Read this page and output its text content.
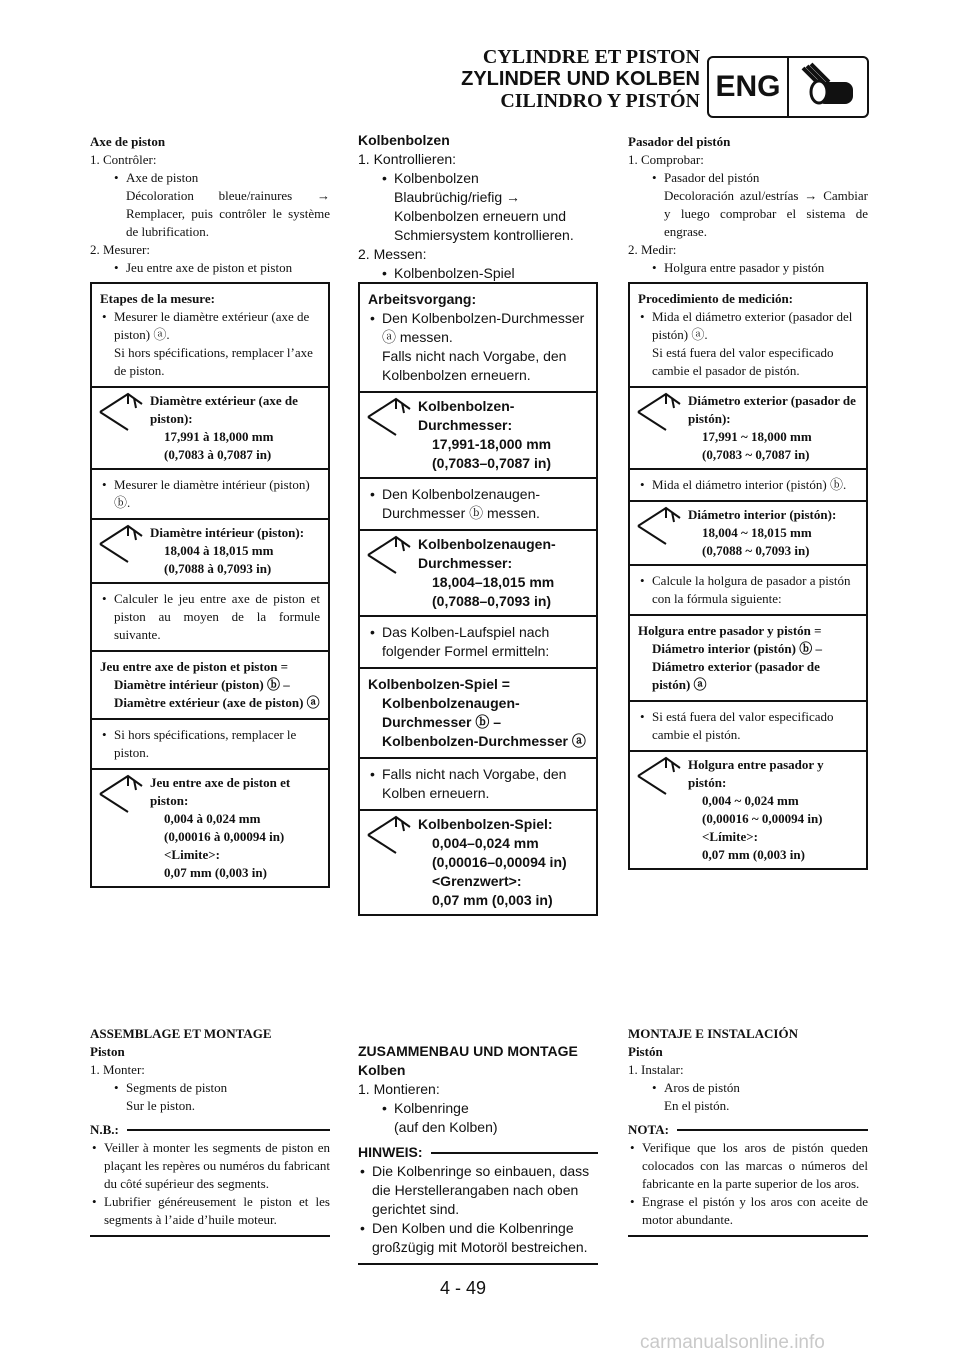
CYLINDRE ET PISTON
ZYLINDER UND KOLBEN
CILINDRO Y PISTÓN ENG
Axe de piston
1. Contrôler:
• Axe de piston
Décoloration bleue/rainures → Remplacer, puis contrôler le système de lubrification.
2. Mesurer:
• Jeu entre axe de piston et piston
Kolbenbolzen
1. Kontrollieren:
• Kolbenbolzen
Blaubrüchig/riefig → Kolbenbolzen erneuern und Schmiersystem kontrollieren.
2. Messen:
• Kolbenbolzen-Spiel
Pasador del pistón
1. Comprobar:
• Pasador del pistón
Decoloración azul/estrías → Cambiar y luego comprobar el sistema de engrase.
2. Medir:
• Holgura entre pasador y pistón
Etapes de la mesure:
• Mesurer le diamètre extérieur (axe de piston) ⓐ.
Si hors spécifications, remplacer l’axe de piston.
Diamètre extérieur (axe de piston):
17,991 à 18,000 mm
(0,7083 à 0,7087 in)
• Mesurer le diamètre intérieur (piston) ⓑ.
Diamètre intérieur (piston):
18,004 à 18,015 mm
(0,7088 à 0,7093 in)
• Calculer le jeu entre axe de piston et piston au moyen de la formule suivante.
Jeu entre axe de piston et piston =
Diamètre intérieur (piston) ⓑ –
Diamètre extérieur (axe de piston) ⓐ
• Si hors spécifications, remplacer le piston.
Jeu entre axe de piston et piston:
0,004 à 0,024 mm
(0,00016 à 0,00094 in)
<Limite>:
0,07 mm (0,003 in)
Arbeitsvorgang:
• Den Kolbenbolzen-Durchmesser ⓐ messen.
Falls nicht nach Vorgabe, den Kolbenbolzen erneuern.
Kolbenbolzen-Durchmesser:
17,991-18,000 mm
(0,7083–0,7087 in)
• Den Kolbenbolzenaugen-Durchmesser ⓑ messen.
Kolbenbolzenaugen-Durchmesser:
18,004–18,015 mm
(0,7088–0,7093 in)
• Das Kolben-Laufspiel nach folgender Formel ermitteln:
Kolbenbolzen-Spiel =
Kolbenbolzenaugen-Durchmesser ⓑ –
Kolbenbolzen-Durchmesser ⓐ
• Falls nicht nach Vorgabe, den Kolben erneuern.
Kolbenbolzen-Spiel:
0,004–0,024 mm
(0,00016–0,00094 in)
<Grenzwert>:
0,07 mm (0,003 in)
Procedimiento de medición:
• Mida el diámetro exterior (pasador del pistón) ⓐ.
Si está fuera del valor especificado cambie el pasador de pistón.
Diámetro exterior (pasador de pistón):
17,991 ~ 18,000 mm
(0,7083 ~ 0,7087 in)
• Mida el diámetro interior (pistón) ⓑ.
Diámetro interior (pistón):
18,004 ~ 18,015 mm
(0,7088 ~ 0,7093 in)
• Calcule la holgura de pasador a pistón con la fórmula siguiente:
Holgura entre pasador y pistón =
Diámetro interior (pistón) ⓑ –
Diámetro exterior (pasador de pistón) ⓐ
• Si está fuera del valor especificado cambie el pistón.
Holgura entre pasador y pistón:
0,004 ~ 0,024 mm
(0,00016 ~ 0,00094 in)
<Límite>:
0,07 mm (0,003 in)
ASSEMBLAGE ET MONTAGE
Piston
1. Monter:
• Segments de piston
Sur le piston.
N.B.:
• Veiller à monter les segments de piston en plaçant les repères ou numéros du fabricant du côté supérieur des segments.
• Lubrifier généreusement le piston et les segments à l’aide d’huile moteur.
ZUSAMMENBAU UND MONTAGE
Kolben
1. Montieren:
• Kolbenringe
(auf den Kolben)
HINWEIS:
• Die Kolbenringe so einbauen, dass die Herstellerangaben nach oben gerichtet sind.
• Den Kolben und die Kolbenringe großzügig mit Motoröl bestreichen.
MONTAJE E INSTALACIÓN
Pistón
1. Instalar:
• Aros de pistón
En el pistón.
NOTA:
• Verifique que los aros de pistón queden colocados con las marcas o números del fabricante en la parte superior de los aros.
• Engrase el pistón y los aros con aceite de motor abundante.
4 - 49
carmanualsonline.info
